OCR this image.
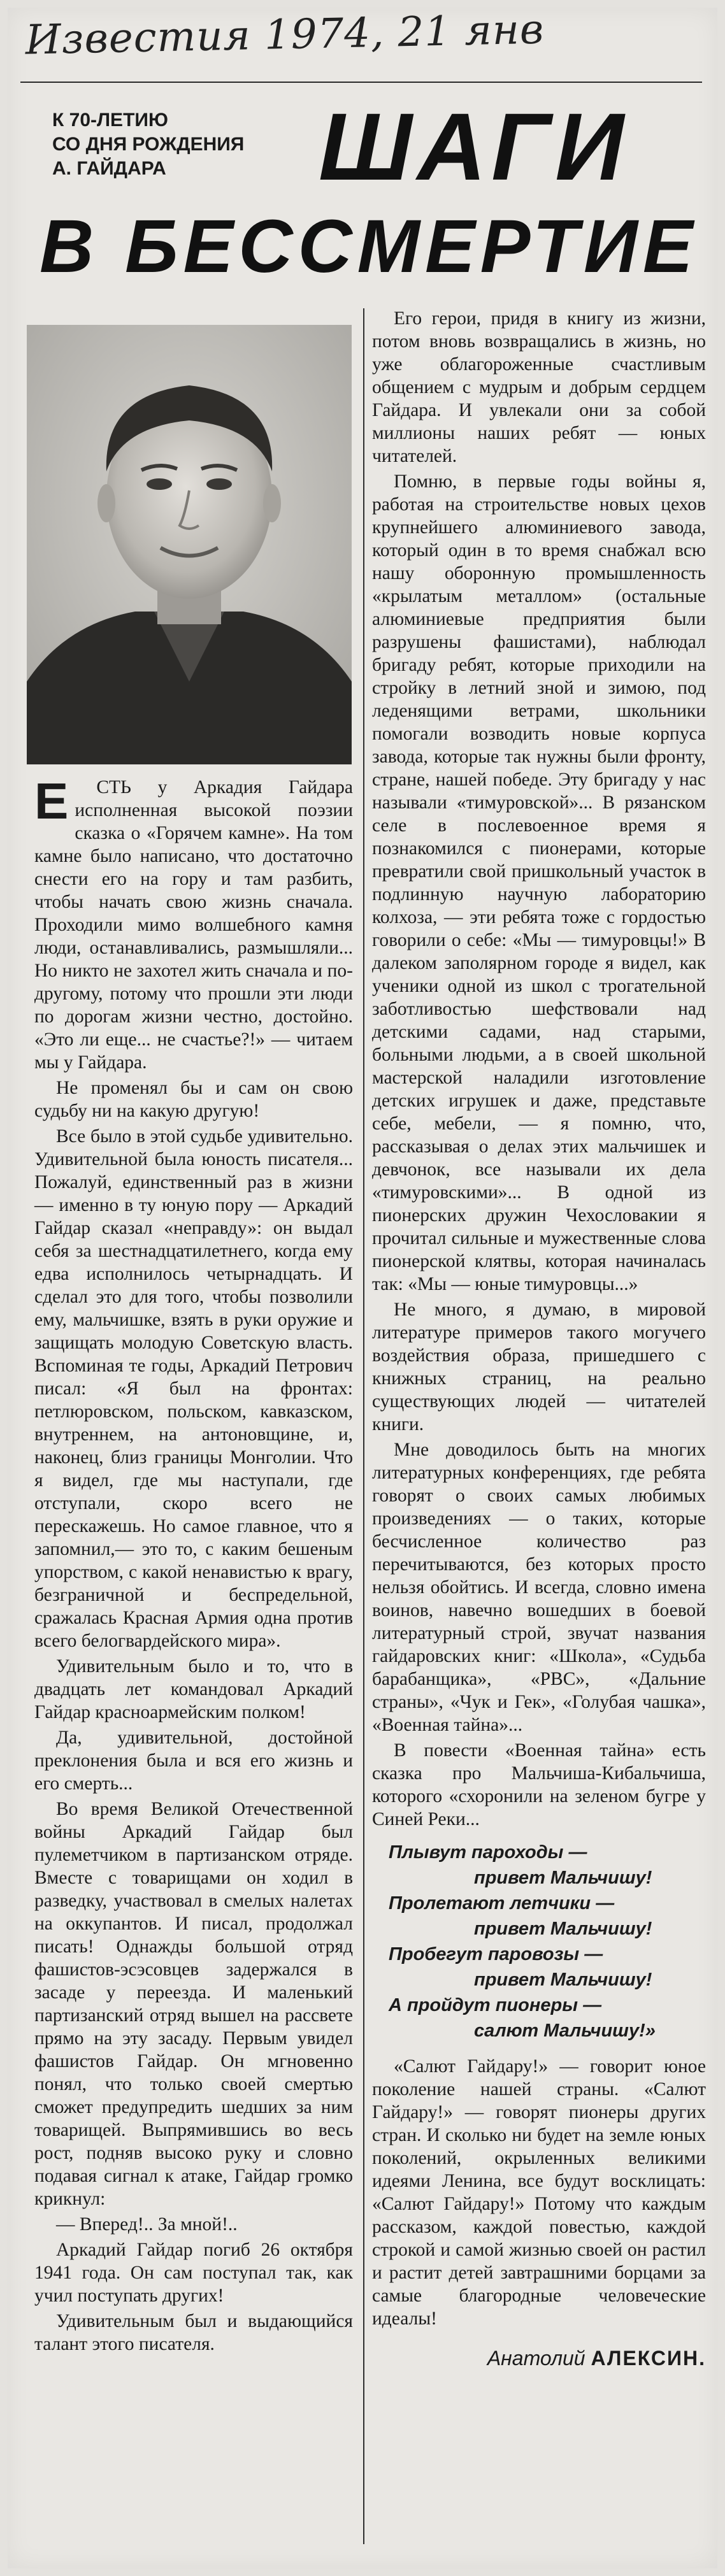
Известия 1974, 21 янв
К 70-ЛЕТИЮ
СО ДНЯ РОЖДЕНИЯ
А. ГАЙДАРА	ШАГИ
В БЕССМЕРТИЕ

Е СТЬ у Аркадия Гайдара исполненная высокой поэзии сказка о «Горячем камне». На том камне было написано, что достаточно снести его на гору и там разбить, чтобы начать свою жизнь сначала. Проходили мимо волшебного камня люди, останавливались, размышляли... Но никто не захотел жить сначала и по-другому, потому что прошли эти люди по дорогам жизни честно, достойно. «Это ли еще... не счастье?!» — читаем мы у Гайдара.

Не променял бы и сам он свою судьбу ни на какую другую!

Все было в этой судьбе удивительно. Удивительной была юность писателя... Пожалуй, единственный раз в жизни — именно в ту юную пору — Аркадий Гайдар сказал «неправду»: он выдал себя за шестнадцатилетнего, когда ему едва исполнилось четырнадцать. И сделал это для того, чтобы позволили ему, мальчишке, взять в руки оружие и защищать молодую Советскую власть. Вспоминая те годы, Аркадий Петрович писал: «Я был на фронтах: петлюровском, польском, кавказском, внутреннем, на антоновщине, и, наконец, близ границы Монголии. Что я видел, где мы наступали, где отступали, скоро всего не перескажешь. Но самое главное, что я запомнил,— это то, с каким бешеным упорством, с какой ненавистью к врагу, безграничной и беспредельной, сражалась Красная Армия одна против всего белогвардейского мира».

Удивительным было и то, что в двадцать лет командовал Аркадий Гайдар красноармейским полком!

Да, удивительной, достойной преклонения была и вся его жизнь и его смерть...

Во время Великой Отечественной войны Аркадий Гайдар был пулеметчиком в партизанском отряде. Вместе с товарищами он ходил в разведку, участвовал в смелых налетах на оккупантов. И писал, продолжал писать! Однажды большой отряд фашистов-эсэсовцев задержался в засаде у переезда. И маленький партизанский отряд вышел на рассвете прямо на эту засаду. Первым увидел фашистов Гайдар. Он мгновенно понял, что только своей смертью сможет предупредить шедших за ним товарищей. Выпрямившись во весь рост, подняв высоко руку и словно подавая сигнал к атаке, Гайдар громко крикнул:

— Вперед!.. За мной!..

Аркадий Гайдар погиб 26 октября 1941 года. Он сам поступал так, как учил поступать других!

Удивительным был и выдающийся талант этого писателя.

Его герои, придя в книгу из жизни, потом вновь возвращались в жизнь, но уже облагороженные счастливым общением с мудрым и добрым сердцем Гайдара. И увлекали они за собой миллионы наших ребят — юных читателей.

Помню, в первые годы войны я, работая на строительстве новых цехов крупнейшего алюминиевого завода, который один в то время снабжал всю нашу оборонную промышленность «крылатым металлом» (остальные алюминиевые предприятия были разрушены фашистами), наблюдал бригаду ребят, которые приходили на стройку в летний зной и зимою, под леденящими ветрами, школьники помогали возводить новые корпуса завода, которые так нужны были фронту, стране, нашей победе. Эту бригаду у нас называли «тимуровской»... В рязанском селе в послевоенное время я познакомился с пионерами, которые превратили свой пришкольный участок в подлинную научную лабораторию колхоза, — эти ребята тоже с гордостью говорили о себе: «Мы — тимуровцы!» В далеком заполярном городе я видел, как ученики одной из школ с трогательной заботливостью шефствовали над детскими садами, над старыми, больными людьми, а в своей школьной мастерской наладили изготовление детских игрушек и даже, представьте себе, мебели, — я помню, что, рассказывая о делах этих мальчишек и девчонок, все называли их дела «тимуровскими»... В одной из пионерских дружин Чехословакии я прочитал сильные и мужественные слова пионерской клятвы, которая начиналась так: «Мы — юные тимуровцы...»

Не много, я думаю, в мировой литературе примеров такого могучего воздействия образа, пришедшего с книжных страниц, на реально существующих людей — читателей книги.

Мне доводилось быть на многих литературных конференциях, где ребята говорят о своих самых любимых произведениях — о таких, которые бесчисленное количество раз перечитываются, без которых просто нельзя обойтись. И всегда, словно имена воинов, навечно вошедших в боевой литературный строй, звучат названия гайдаровских книг: «Школа», «Судьба барабанщика», «РВС», «Дальние страны», «Чук и Гек», «Голубая чашка», «Военная тайна»...

В повести «Военная тайна» есть сказка про Мальчиша-Кибальчиша, которого «схоронили на зеленом бугре у Синей Реки...

Плывут пароходы —
привет Мальчишу!
Пролетают летчики —
привет Мальчишу!
Пробегут паровозы —
привет Мальчишу!
А пройдут пионеры —
салют Мальчишу!»

«Салют Гайдару!» — говорит юное поколение нашей страны. «Салют Гайдару!» — говорят пионеры других стран. И сколько ни будет на земле юных поколений, окрыленных великими идеями Ленина, все будут восклицать: «Салют Гайдару!» Потому что каждым рассказом, каждой повестью, каждой строкой и самой жизнью своей он растил и растит детей завтрашними борцами за самые благородные человеческие идеалы!

Анатолий АЛЕКСИН.
